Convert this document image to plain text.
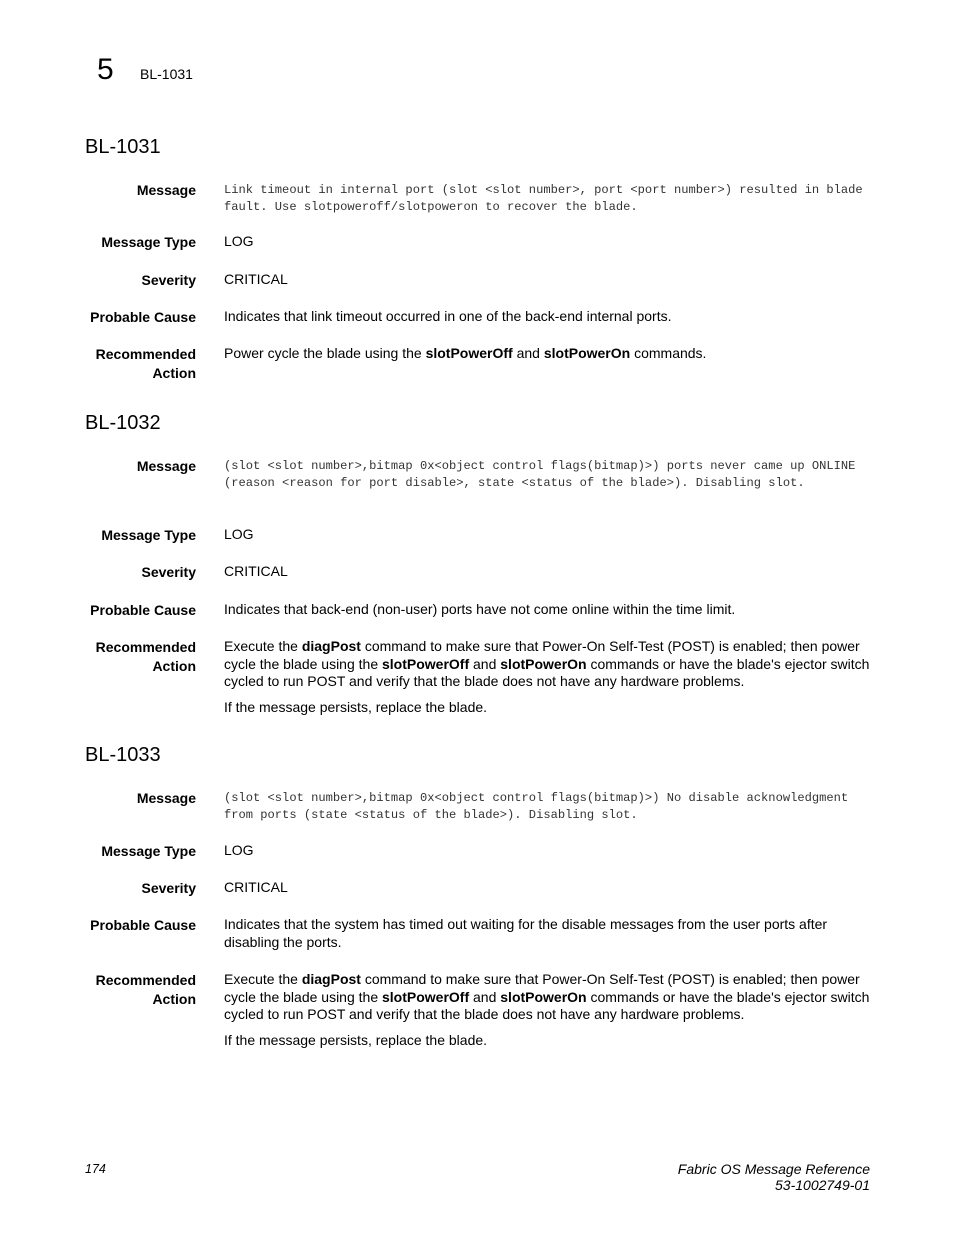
5 BL-1031
BL-1031
Message Link timeout in internal port (slot <slot number>, port <port number>) resulted in blade fault. Use slotpoweroff/slotpoweron to recover the blade.
Message Type LOG
Severity CRITICAL
Probable Cause Indicates that link timeout occurred in one of the back-end internal ports.
Recommended
Action
Power cycle the blade using the slotPowerOff and slotPowerOn commands.
BL-1032
Message (slot <slot number>,bitmap 0x<object control flags(bitmap)>) ports never came up ONLINE (reason <reason for port disable>, state <status of the blade>). Disabling slot.
Message Type LOG
Severity CRITICAL
Probable Cause Indicates that back-end (non-user) ports have not come online within the time limit.
Recommended
Action
Execute the diagPost command to make sure that Power-On Self-Test (POST) is enabled; then power cycle the blade using the slotPowerOff and slotPowerOn commands or have the blade's ejector switch cycled to run POST and verify that the blade does not have any hardware problems.
If the message persists, replace the blade.
BL-1033
Message (slot <slot number>,bitmap 0x<object control flags(bitmap)>) No disable acknowledgment from ports (state <status of the blade>). Disabling slot.
Message Type LOG
Severity CRITICAL
Probable Cause Indicates that the system has timed out waiting for the disable messages from the user ports after disabling the ports.
Recommended
Action
Execute the diagPost command to make sure that Power-On Self-Test (POST) is enabled; then power cycle the blade using the slotPowerOff and slotPowerOn commands or have the blade's ejector switch cycled to run POST and verify that the blade does not have any hardware problems.
If the message persists, replace the blade.
174	Fabric OS Message Reference
53-1002749-01
